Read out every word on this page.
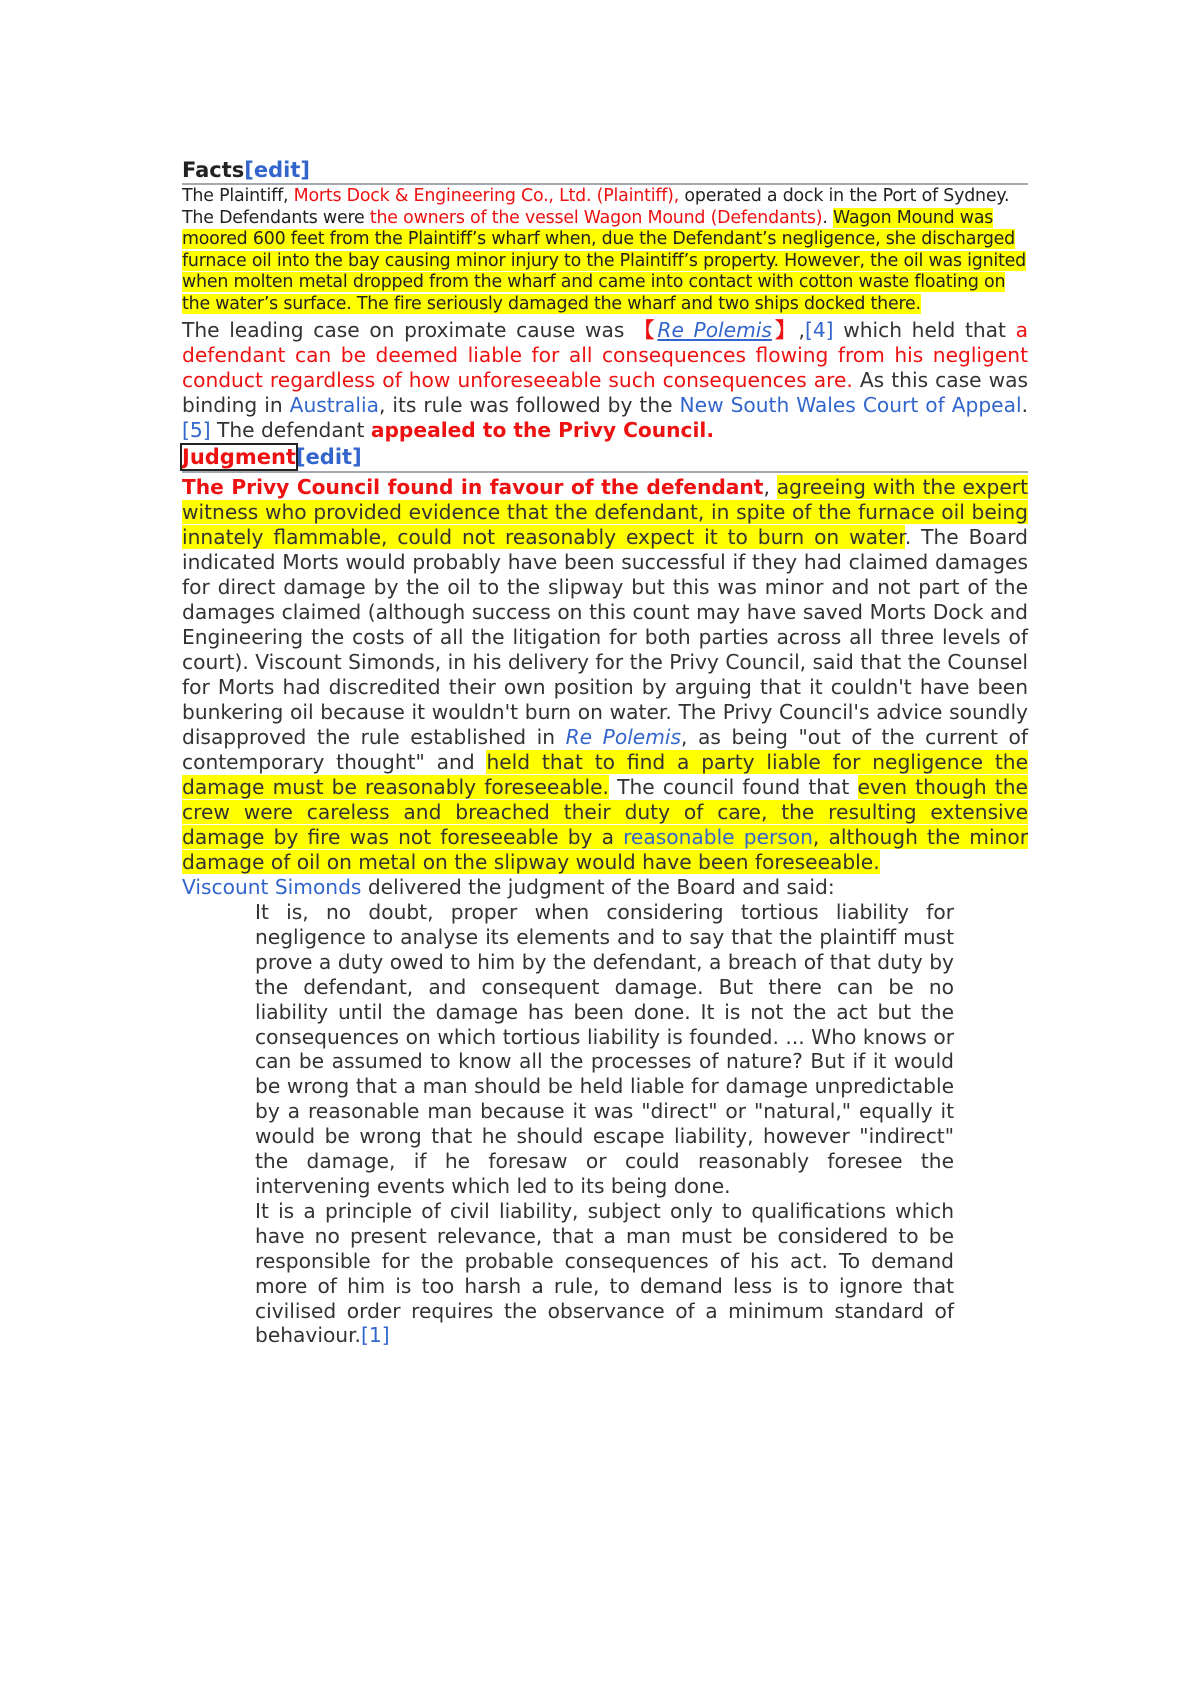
Facts[edit]

The Plaintiff, Morts Dock & Engineering Co., Ltd. (Plaintiff), operated a dock in the Port of Sydney. The Defendants were the owners of the vessel Wagon Mound (Defendants). Wagon Mound was moored 600 feet from the Plaintiff’s wharf when, due the Defendant’s negligence, she discharged furnace oil into the bay causing minor injury to the Plaintiff’s property. However, the oil was ignited when molten metal dropped from the wharf and came into contact with cotton waste floating on the water’s surface. The fire seriously damaged the wharf and two ships docked there.

The leading case on proximate cause was 【Re Polemis】,[4] which held that a defendant can be deemed liable for all consequences flowing from his negligent conduct regardless of how unforeseeable such consequences are. As this case was binding in Australia, its rule was followed by the New South Wales Court of Appeal.[5] The defendant appealed to the Privy Council.

Judgment[edit]

The Privy Council found in favour of the defendant, agreeing with the expert witness who provided evidence that the defendant, in spite of the furnace oil being innately flammable, could not reasonably expect it to burn on water. The Board indicated Morts would probably have been successful if they had claimed damages for direct damage by the oil to the slipway but this was minor and not part of the damages claimed (although success on this count may have saved Morts Dock and Engineering the costs of all the litigation for both parties across all three levels of court). Viscount Simonds, in his delivery for the Privy Council, said that the Counsel for Morts had discredited their own position by arguing that it couldn't have been bunkering oil because it wouldn't burn on water. The Privy Council's advice soundly disapproved the rule established in Re Polemis, as being "out of the current of contemporary thought" and held that to find a party liable for negligence the damage must be reasonably foreseeable. The council found that even though the crew were careless and breached their duty of care, the resulting extensive damage by fire was not foreseeable by a reasonable person, although the minor damage of oil on metal on the slipway would have been foreseeable.

Viscount Simonds delivered the judgment of the Board and said:

It is, no doubt, proper when considering tortious liability for negligence to analyse its elements and to say that the plaintiff must prove a duty owed to him by the defendant, a breach of that duty by the defendant, and consequent damage. But there can be no liability until the damage has been done. It is not the act but the consequences on which tortious liability is founded. ... Who knows or can be assumed to know all the processes of nature? But if it would be wrong that a man should be held liable for damage unpredictable by a reasonable man because it was "direct" or "natural," equally it would be wrong that he should escape liability, however "indirect" the damage, if he foresaw or could reasonably foresee the intervening events which led to its being done.

It is a principle of civil liability, subject only to qualifications which have no present relevance, that a man must be considered to be responsible for the probable consequences of his act. To demand more of him is too harsh a rule, to demand less is to ignore that civilised order requires the observance of a minimum standard of behaviour.[1]
